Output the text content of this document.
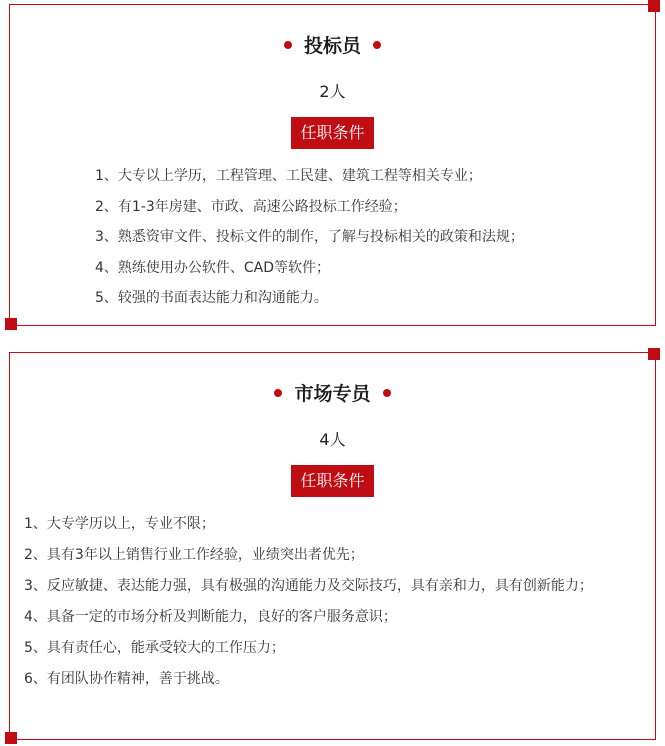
投标员
2人
任职条件
1、大专以上学历，工程管理、工民建、建筑工程等相关专业；
2、有1-3年房建、市政、高速公路投标工作经验；
3、熟悉资审文件、投标文件的制作，了解与投标相关的政策和法规；
4、熟练使用办公软件、CAD等软件；
5、较强的书面表达能力和沟通能力。
市场专员
4人
任职条件
1、大专学历以上，专业不限；
2、具有3年以上销售行业工作经验，业绩突出者优先；
3、反应敏捷、表达能力强，具有极强的沟通能力及交际技巧，具有亲和力，具有创新能力；
4、具备一定的市场分析及判断能力，良好的客户服务意识；
5、具有责任心，能承受较大的工作压力；
6、有团队协作精神，善于挑战。
